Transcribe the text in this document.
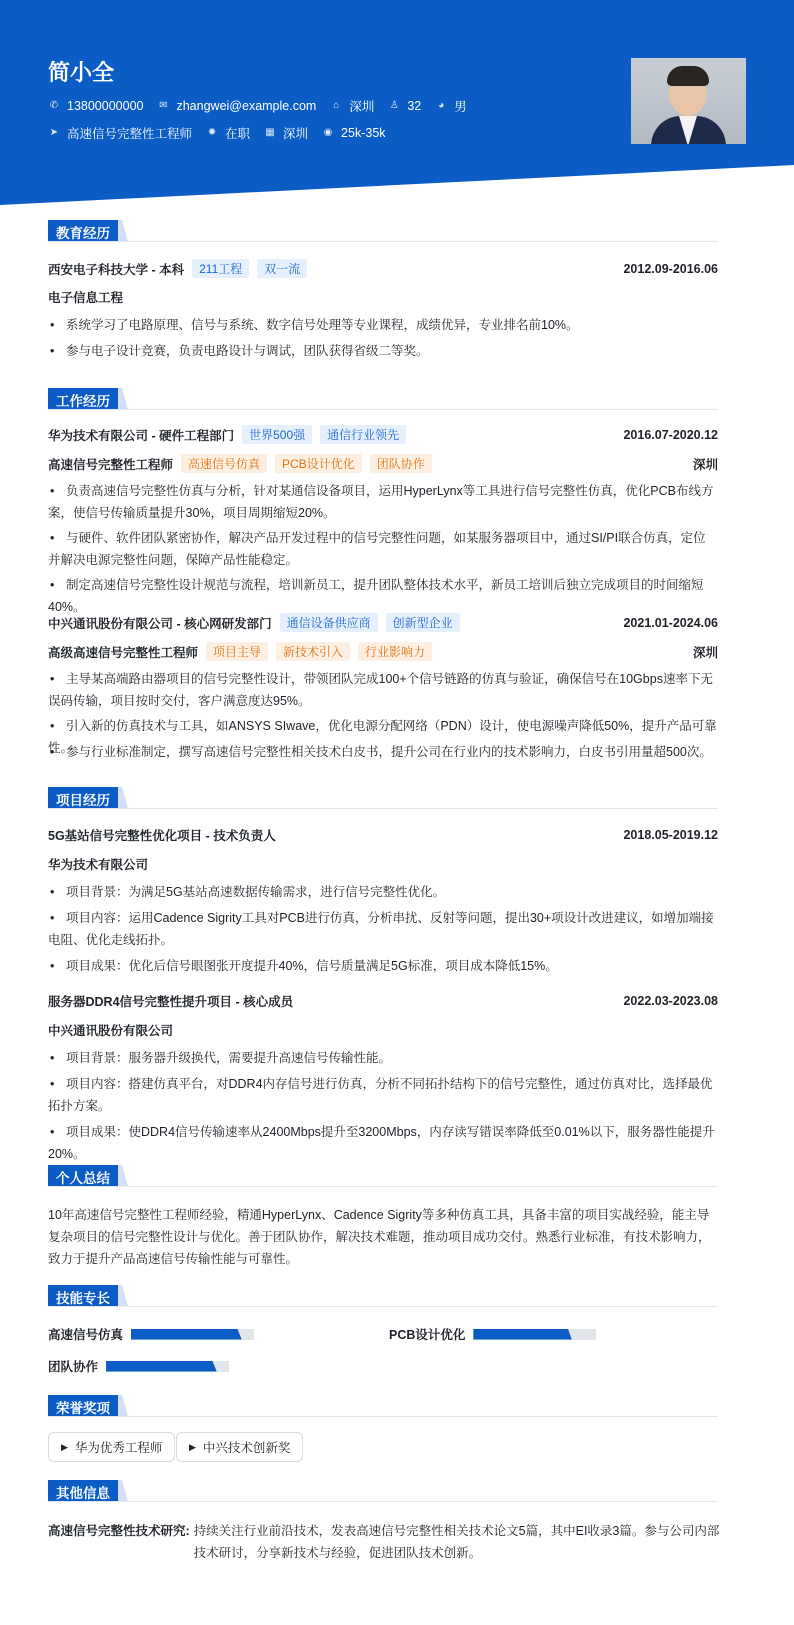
简小全
✆ 13800000000 ✉ zhangwei@example.com ⌂ 深圳 ♙ 32 ◕ 男
➤ 高速信号完整性工程师 ✹ 在职 ▦ 深圳 ◉ 25k-35k
教育经历
西安电子科技大学 - 本科	211工程	双一流	2012.09-2016.06
电子信息工程
• 系统学习了电路原理、信号与系统、数字信号处理等专业课程，成绩优异，专业排名前10%。
• 参与电子设计竞赛，负责电路设计与调试，团队获得省级二等奖。
工作经历
华为技术有限公司 - 硬件工程部门	世界500强	通信行业领先	2016.07-2020.12
高速信号完整性工程师	高速信号仿真	PCB设计优化	团队协作	深圳
• 负责高速信号完整性仿真与分析，针对某通信设备项目，运用HyperLynx等工具进行信号完整性仿真，优化PCB布线方案，使信号传输质量提升30%，项目周期缩短20%。
• 与硬件、软件团队紧密协作，解决产品开发过程中的信号完整性问题，如某服务器项目中，通过SI/PI联合仿真，定位并解决电源完整性问题，保障产品性能稳定。
• 制定高速信号完整性设计规范与流程，培训新员工，提升团队整体技术水平，新员工培训后独立完成项目的时间缩短40%。
中兴通讯股份有限公司 - 核心网研发部门	通信设备供应商	创新型企业	2021.01-2024.06
高级高速信号完整性工程师	项目主导	新技术引入	行业影响力	深圳
• 主导某高端路由器项目的信号完整性设计，带领团队完成100+个信号链路的仿真与验证，确保信号在10Gbps速率下无误码传输，项目按时交付，客户满意度达95%。
• 引入新的仿真技术与工具，如ANSYS SIwave，优化电源分配网络（PDN）设计，使电源噪声降低50%，提升产品可靠性。
• 参与行业标准制定，撰写高速信号完整性相关技术白皮书，提升公司在行业内的技术影响力，白皮书引用量超500次。
项目经历
5G基站信号完整性优化项目 - 技术负责人	2018.05-2019.12
华为技术有限公司
• 项目背景：为满足5G基站高速数据传输需求，进行信号完整性优化。
• 项目内容：运用Cadence Sigrity工具对PCB进行仿真，分析串扰、反射等问题，提出30+项设计改进建议，如增加端接电阻、优化走线拓扑。
• 项目成果：优化后信号眼图张开度提升40%，信号质量满足5G标准，项目成本降低15%。
服务器DDR4信号完整性提升项目 - 核心成员	2022.03-2023.08
中兴通讯股份有限公司
• 项目背景：服务器升级换代，需要提升高速信号传输性能。
• 项目内容：搭建仿真平台，对DDR4内存信号进行仿真，分析不同拓扑结构下的信号完整性，通过仿真对比，选择最优拓扑方案。
• 项目成果：使DDR4信号传输速率从2400Mbps提升至3200Mbps，内存读写错误率降低至0.01%以下，服务器性能提升20%。
个人总结
10年高速信号完整性工程师经验，精通HyperLynx、Cadence Sigrity等多种仿真工具，具备丰富的项目实战经验，能主导复杂项目的信号完整性设计与优化。善于团队协作，解决技术难题，推动项目成功交付。熟悉行业标准，有技术影响力，致力于提升产品高速信号传输性能与可靠性。
技能专长
高速信号仿真	PCB设计优化
团队协作
荣誉奖项
▶ 华为优秀工程师	▶ 中兴技术创新奖
其他信息
高速信号完整性技术研究: 持续关注行业前沿技术，发表高速信号完整性相关技术论文5篇，其中EI收录3篇。参与公司内部技术研讨，分享新技术与经验，促进团队技术创新。
